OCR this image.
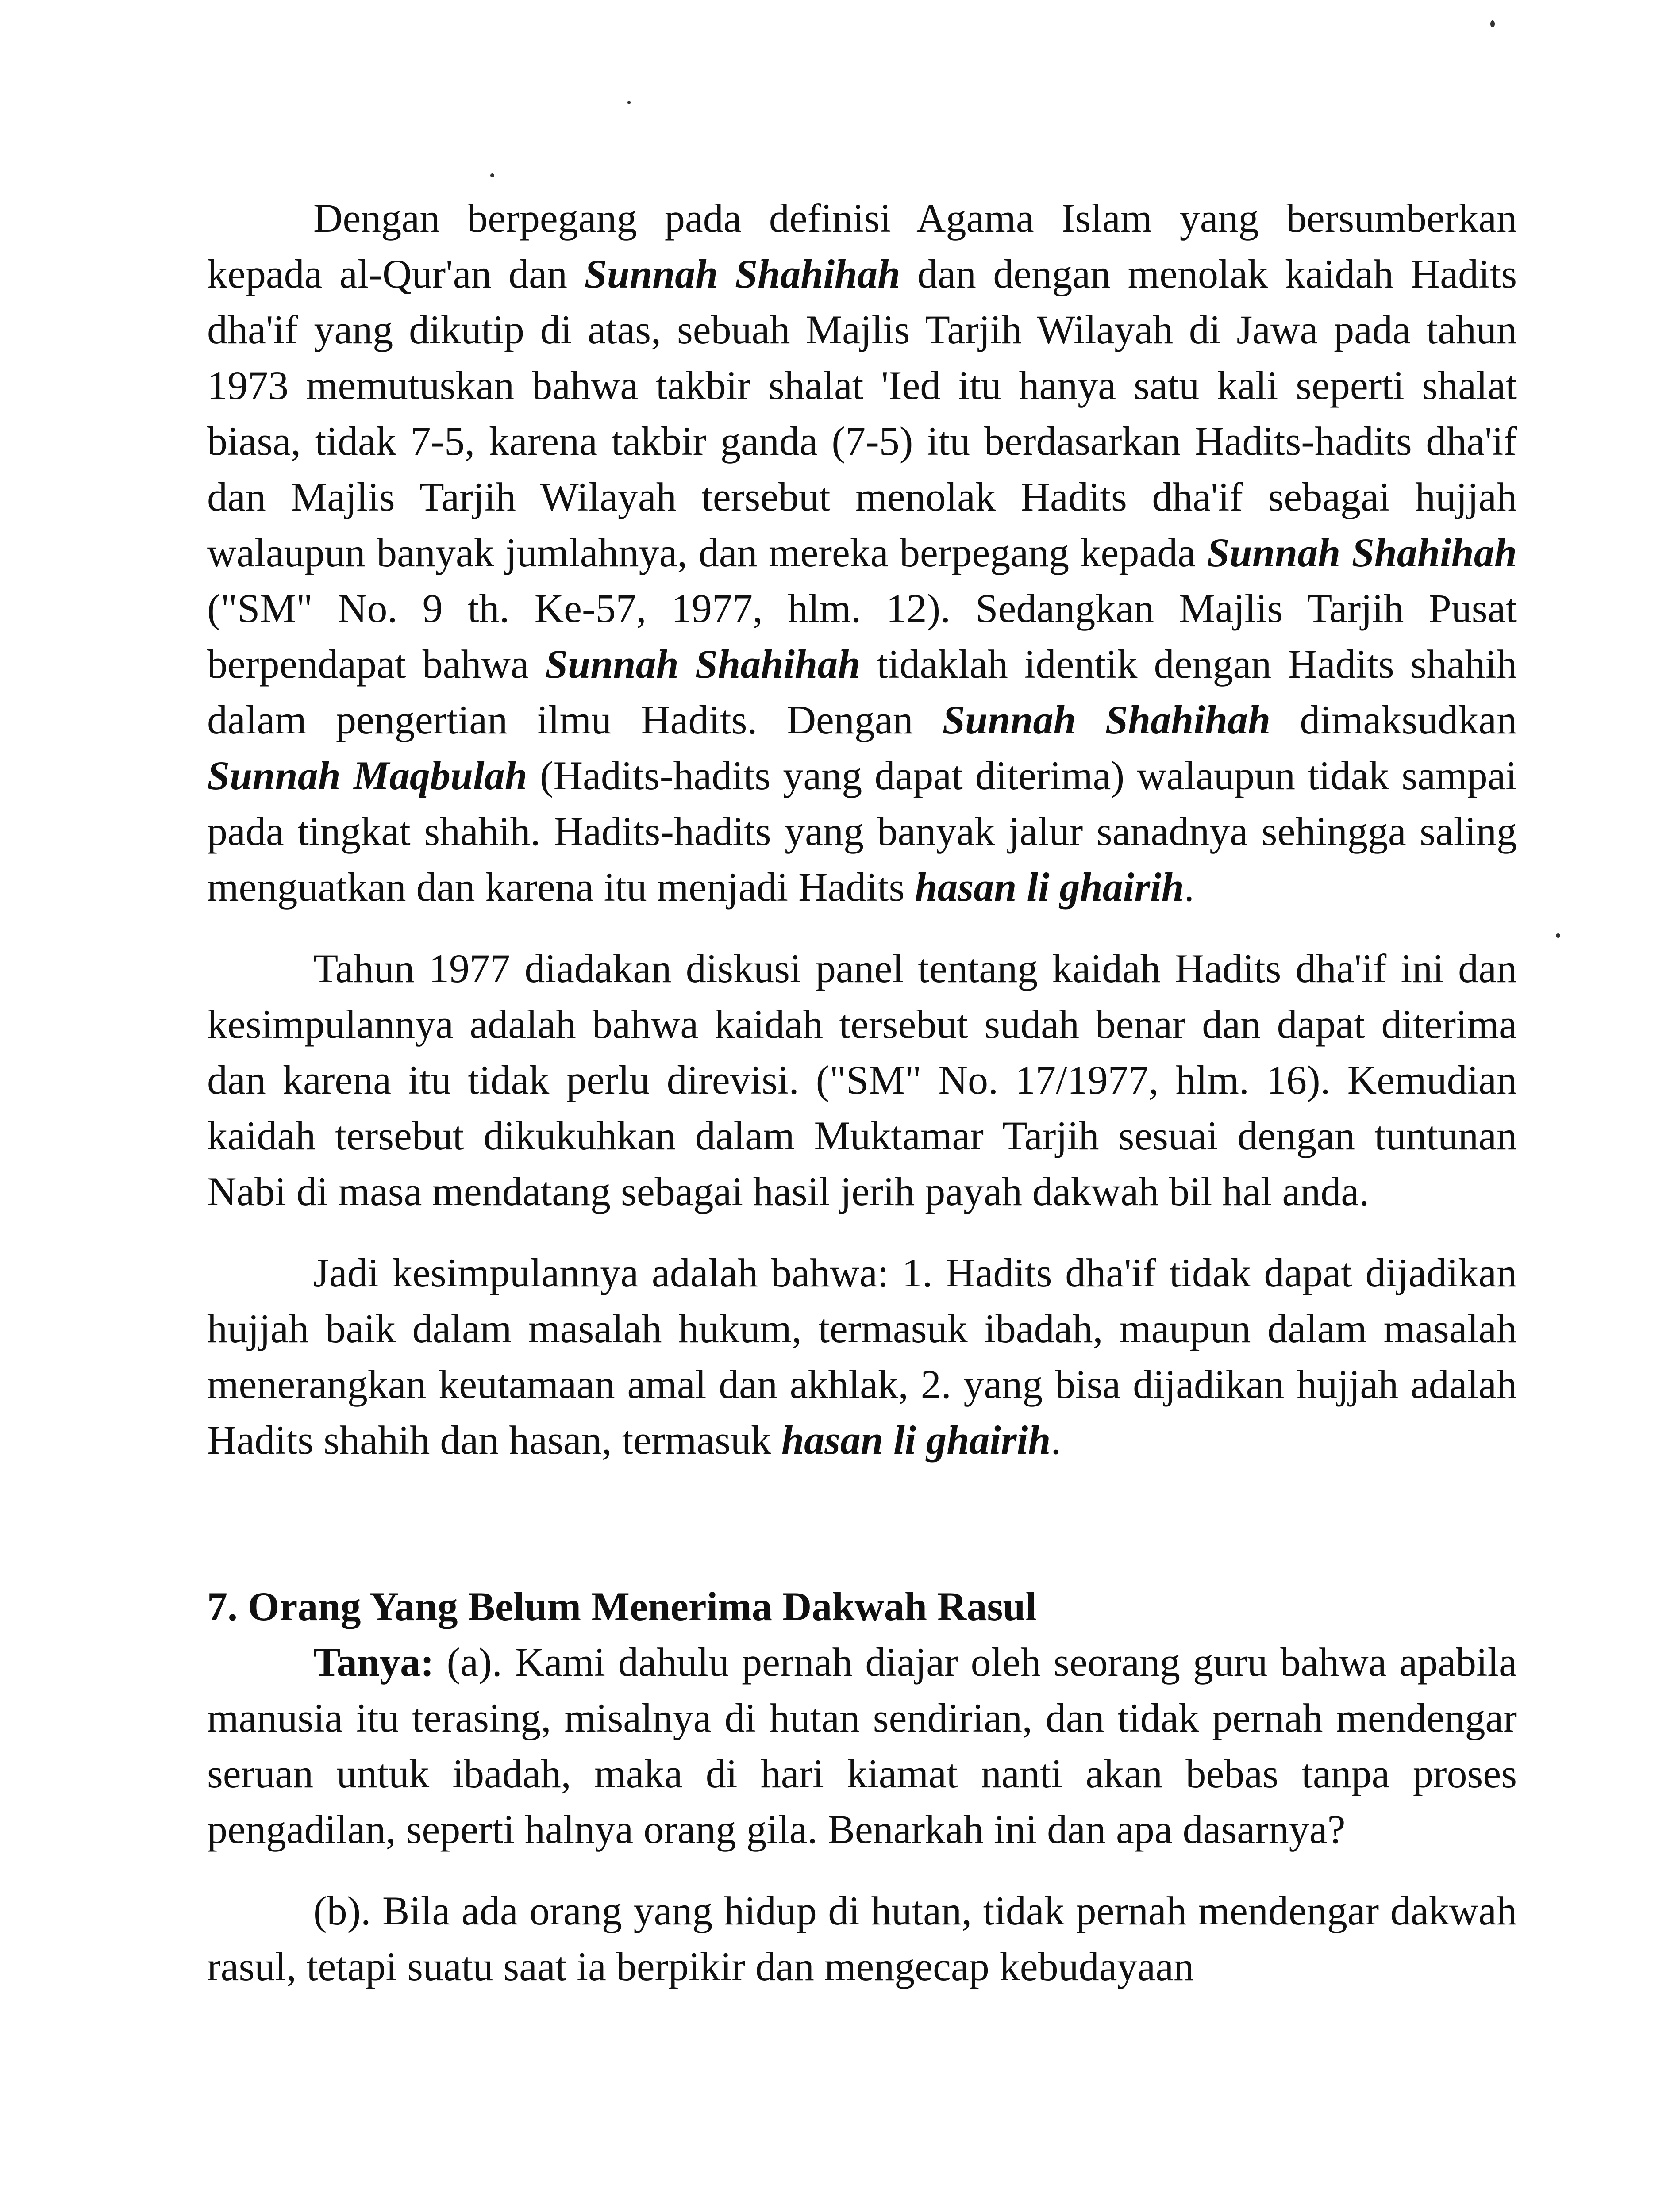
Dengan berpegang pada definisi Agama Islam yang bersumberkan kepada al-Qur'an dan Sunnah Shahihah dan dengan menolak kaidah Hadits dha'if yang dikutip di atas, sebuah Majlis Tarjih Wilayah di Jawa pada tahun 1973 memutuskan bahwa takbir shalat 'Ied itu hanya satu kali seperti shalat biasa, tidak 7-5, karena takbir ganda (7-5) itu berdasarkan Hadits-hadits dha'if dan Majlis Tarjih Wilayah tersebut menolak Hadits dha'if sebagai hujjah walaupun banyak jumlahnya, dan mereka berpegang kepada Sunnah Shahihah ("SM" No. 9 th. Ke-57, 1977, hlm. 12). Sedangkan Majlis Tarjih Pusat berpendapat bahwa Sunnah Shahihah tidaklah identik dengan Hadits shahih dalam pengertian ilmu Hadits. Dengan Sunnah Shahihah dimaksudkan Sunnah Maqbulah (Hadits-hadits yang dapat diterima) walaupun tidak sampai pada tingkat shahih. Hadits-hadits yang banyak jalur sanadnya sehingga saling menguatkan dan karena itu menjadi Hadits hasan li ghairih.

Tahun 1977 diadakan diskusi panel tentang kaidah Hadits dha'if ini dan kesimpulannya adalah bahwa kaidah tersebut sudah benar dan dapat diterima dan karena itu tidak perlu direvisi. ("SM" No. 17/1977, hlm. 16). Kemudian kaidah tersebut dikukuhkan dalam Muktamar Tarjih sesuai dengan tuntunan Nabi di masa mendatang sebagai hasil jerih payah dakwah bil hal anda.

Jadi kesimpulannya adalah bahwa: 1. Hadits dha'if tidak dapat dijadikan hujjah baik dalam masalah hukum, termasuk ibadah, maupun dalam masalah menerangkan keutamaan amal dan akhlak, 2. yang bisa dijadikan hujjah adalah Hadits shahih dan hasan, termasuk hasan li ghairih.

7. Orang Yang Belum Menerima Dakwah Rasul

Tanya: (a). Kami dahulu pernah diajar oleh seorang guru bahwa apabila manusia itu terasing, misalnya di hutan sendirian, dan tidak pernah mendengar seruan untuk ibadah, maka di hari kiamat nanti akan bebas tanpa proses pengadilan, seperti halnya orang gila. Benarkah ini dan apa dasarnya?

(b). Bila ada orang yang hidup di hutan, tidak pernah mendengar dakwah rasul, tetapi suatu saat ia berpikir dan mengecap kebudayaan
